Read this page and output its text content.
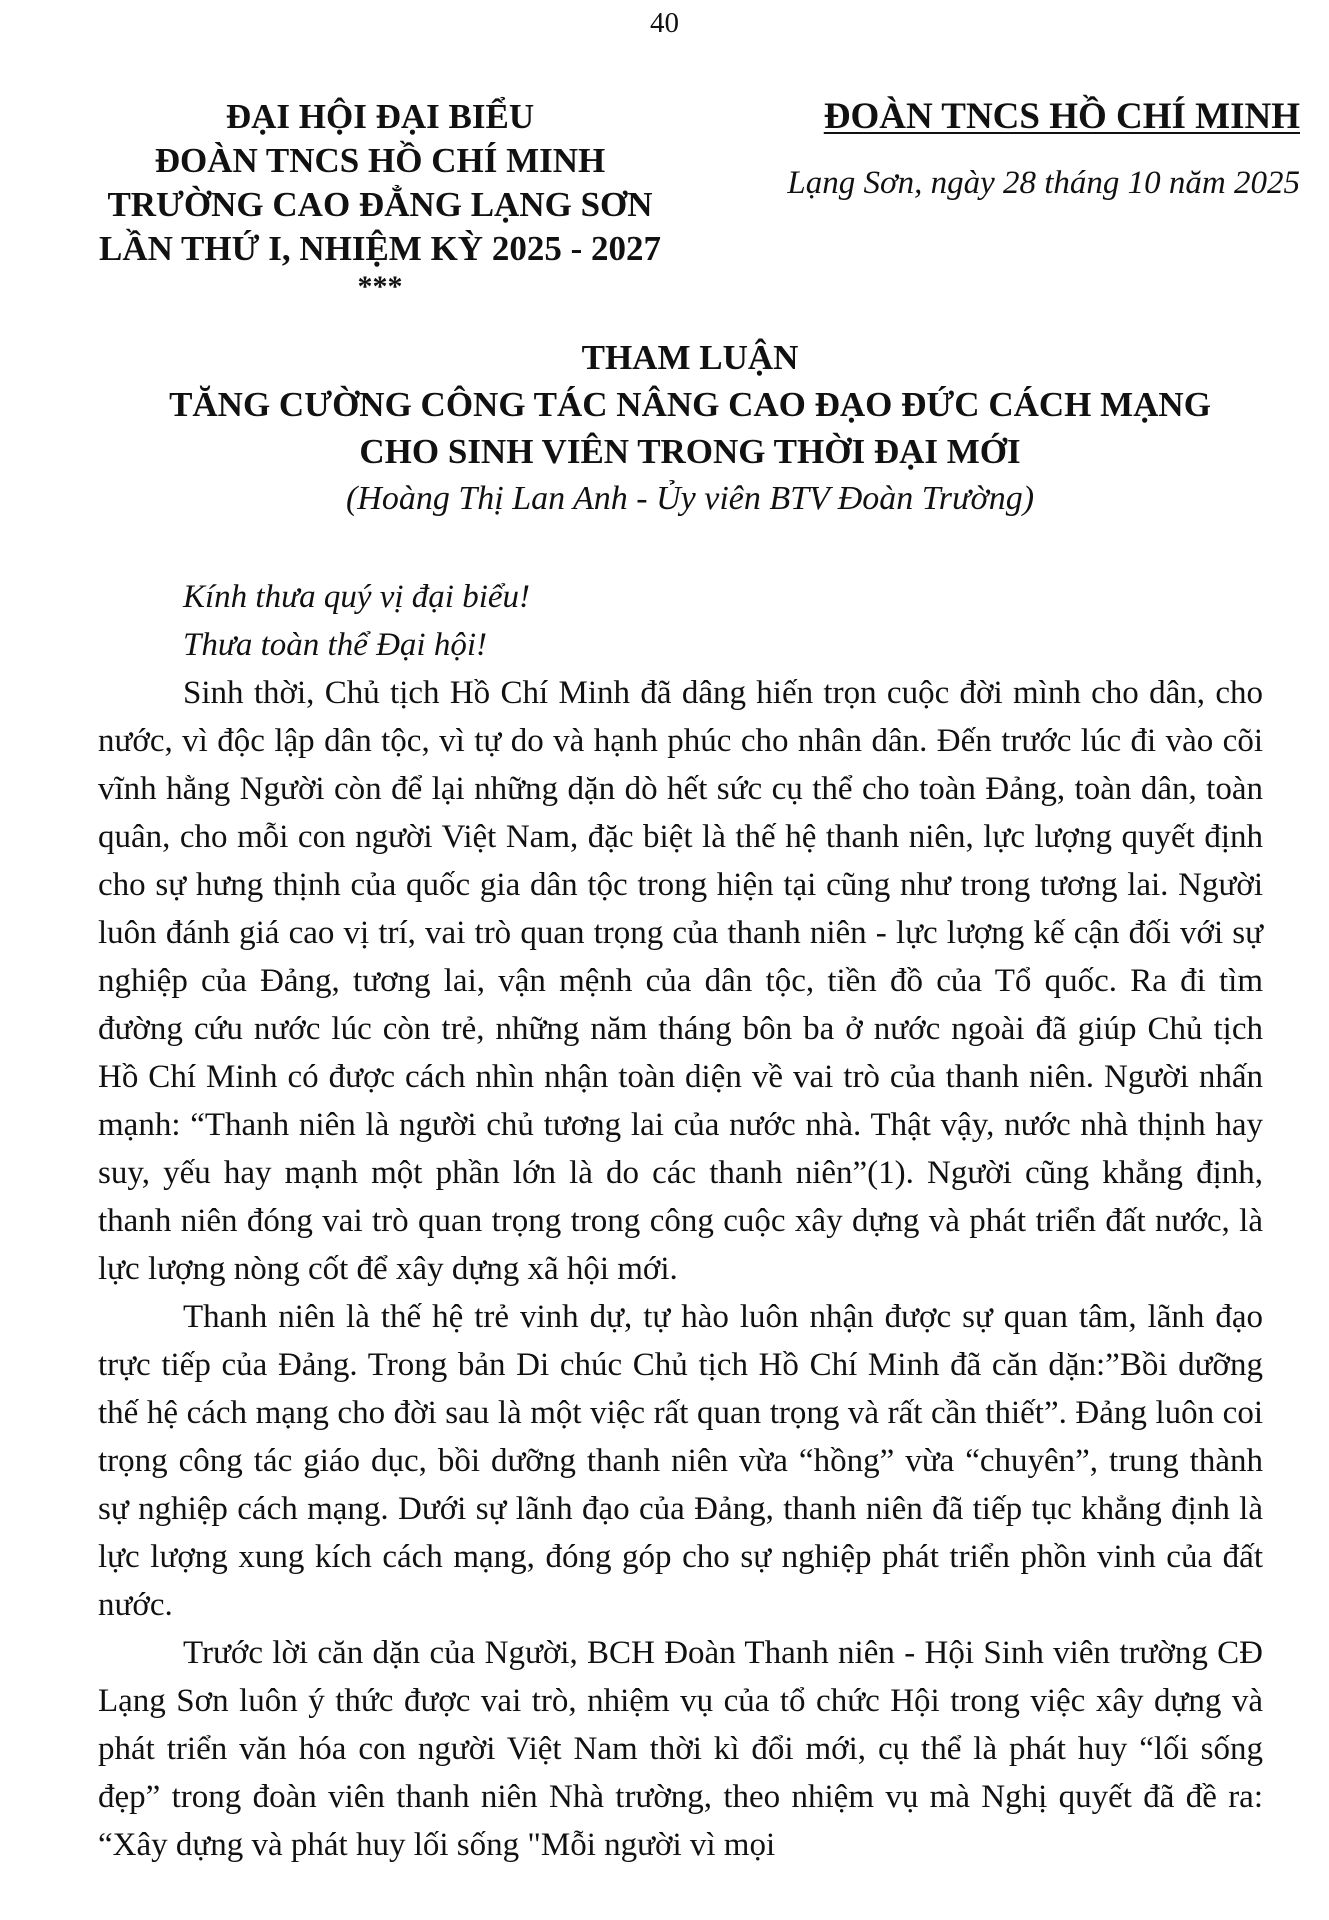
40
ĐẠI HỘI ĐẠI BIỂU
ĐOÀN TNCS HỒ CHÍ MINH
TRƯỜNG CAO ĐẲNG LẠNG SƠN
LẦN THỨ I, NHIỆM KỲ 2025 - 2027
***
ĐOÀN TNCS HỒ CHÍ MINH
Lạng Sơn, ngày 28 tháng 10 năm 2025
THAM LUẬN
TĂNG CƯỜNG CÔNG TÁC NÂNG CAO ĐẠO ĐỨC CÁCH MẠNG
CHO SINH VIÊN TRONG THỜI ĐẠI MỚI
(Hoàng Thị Lan Anh - Ủy viên BTV Đoàn Trường)

Kính thưa quý vị đại biểu!

Thưa toàn thể Đại hội!

Sinh thời, Chủ tịch Hồ Chí Minh đã dâng hiến trọn cuộc đời mình cho dân, cho nước, vì độc lập dân tộc, vì tự do và hạnh phúc cho nhân dân. Đến trước lúc đi vào cõi vĩnh hằng Người còn để lại những dặn dò hết sức cụ thể cho toàn Đảng, toàn dân, toàn quân, cho mỗi con người Việt Nam, đặc biệt là thế hệ thanh niên, lực lượng quyết định cho sự hưng thịnh của quốc gia dân tộc trong hiện tại cũng như trong tương lai. Người luôn đánh giá cao vị trí, vai trò quan trọng của thanh niên - lực lượng kế cận đối với sự nghiệp của Đảng, tương lai, vận mệnh của dân tộc, tiền đồ của Tổ quốc. Ra đi tìm đường cứu nước lúc còn trẻ, những năm tháng bôn ba ở nước ngoài đã giúp Chủ tịch Hồ Chí Minh có được cách nhìn nhận toàn diện về vai trò của thanh niên. Người nhấn mạnh: “Thanh niên là người chủ tương lai của nước nhà. Thật vậy, nước nhà thịnh hay suy, yếu hay mạnh một phần lớn là do các thanh niên”(1). Người cũng khẳng định, thanh niên đóng vai trò quan trọng trong công cuộc xây dựng và phát triển đất nước, là lực lượng nòng cốt để xây dựng xã hội mới.

Thanh niên là thế hệ trẻ vinh dự, tự hào luôn nhận được sự quan tâm, lãnh đạo trực tiếp của Đảng. Trong bản Di chúc Chủ tịch Hồ Chí Minh đã căn dặn:”Bồi dưỡng thế hệ cách mạng cho đời sau là một việc rất quan trọng và rất cần thiết”. Đảng luôn coi trọng công tác giáo dục, bồi dưỡng thanh niên vừa “hồng” vừa “chuyên”, trung thành sự nghiệp cách mạng. Dưới sự lãnh đạo của Đảng, thanh niên đã tiếp tục khẳng định là lực lượng xung kích cách mạng, đóng góp cho sự nghiệp phát triển phồn vinh của đất nước.

Trước lời căn dặn của Người, BCH Đoàn Thanh niên - Hội Sinh viên trường CĐ Lạng Sơn luôn ý thức được vai trò, nhiệm vụ của tổ chức Hội trong việc xây dựng và phát triển văn hóa con người Việt Nam thời kì đổi mới, cụ thể là phát huy “lối sống đẹp” trong đoàn viên thanh niên Nhà trường, theo nhiệm vụ mà Nghị quyết đã đề ra: “Xây dựng và phát huy lối sống "Mỗi người vì mọi
